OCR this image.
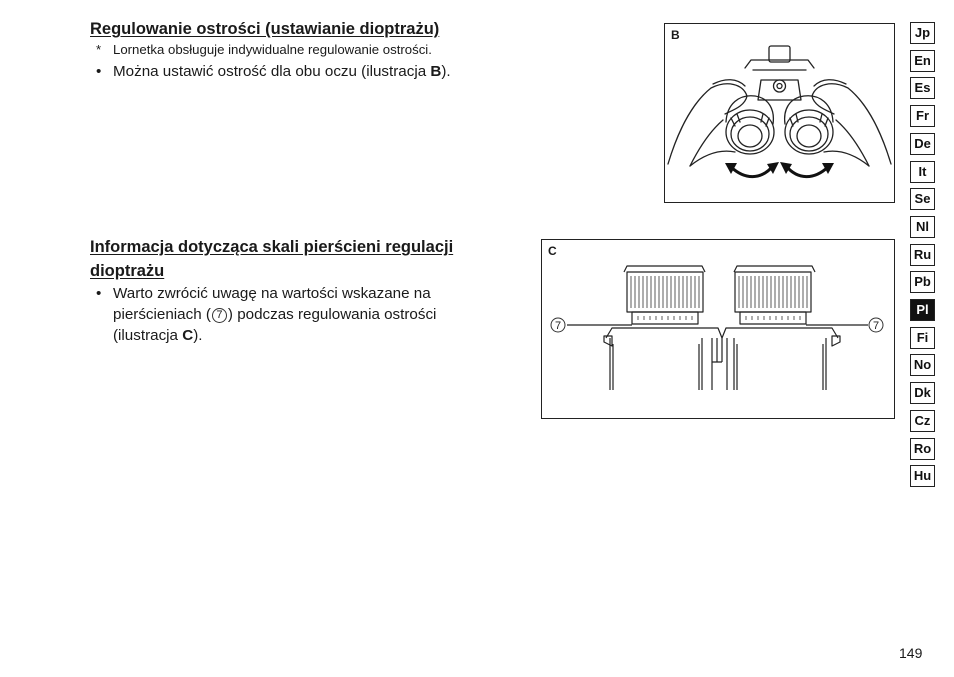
Regulowanie ostrości (ustawianie dioptrażu)
* Lornetka obsługuje indywidualne regulowanie ostrości.
• Można ustawić ostrość dla obu oczu (ilustracja B).
Informacja dotycząca skali pierścieni regulacji
dioptrażu
• Warto zwrócić uwagę na wartości wskazane na
pierścieniach ( 7 ) podczas regulowania ostrości
(ilustracja C).
B
C
7	7
Jp
En
Es
Fr
De
It
Se
Nl
Ru
Pb
Pl
Fi
No
Dk
Cz
Ro
Hu
149
